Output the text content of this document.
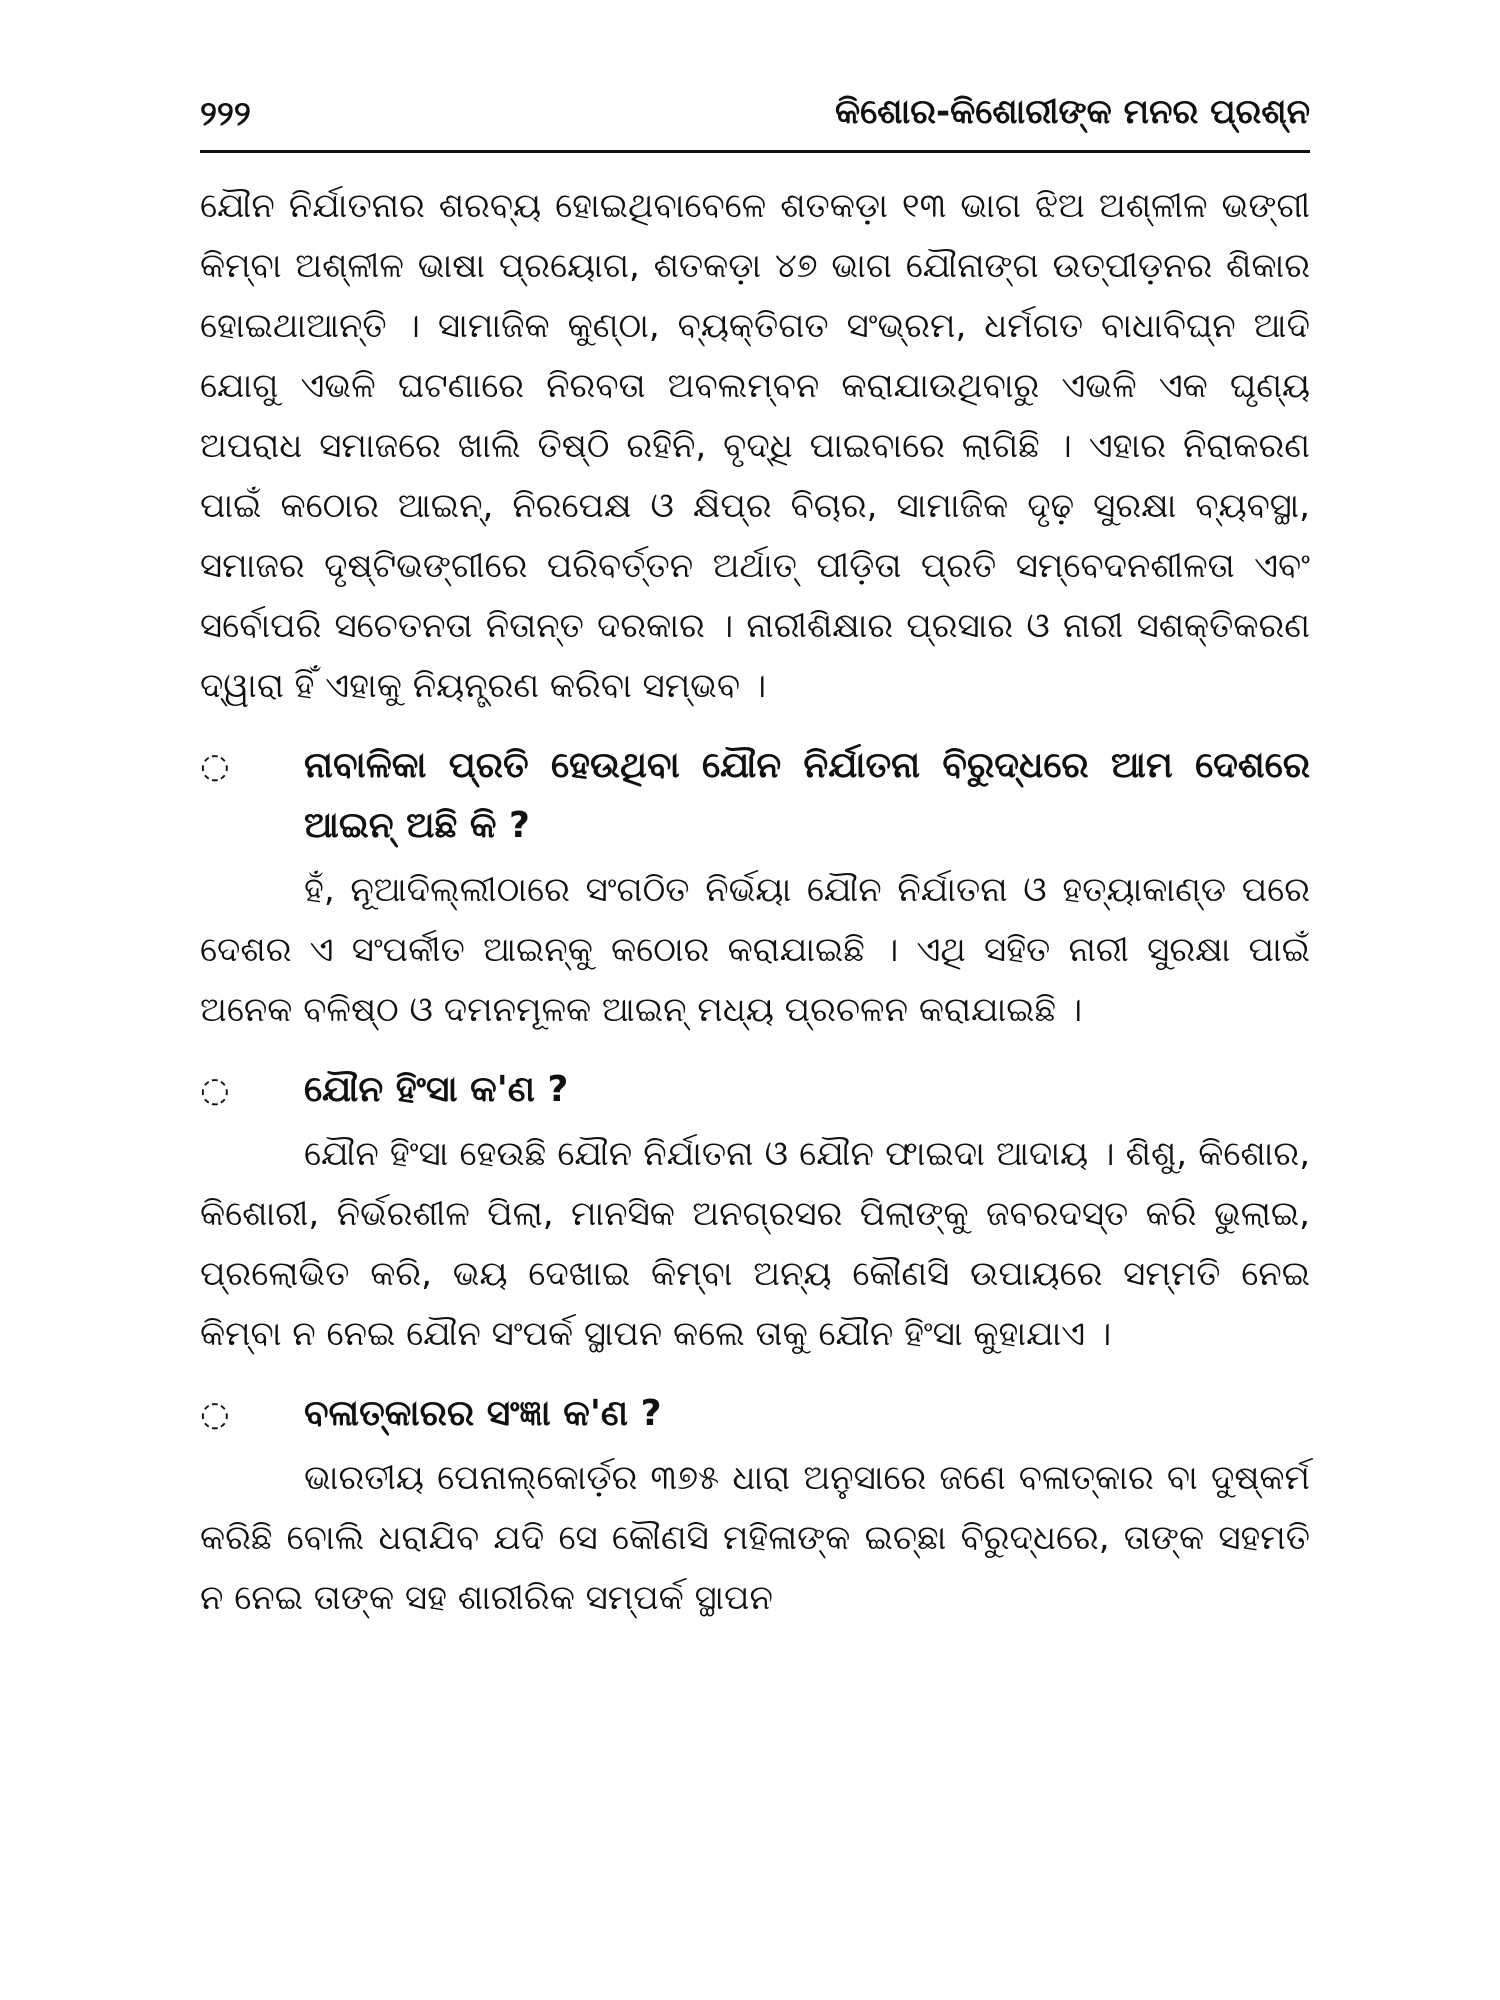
୨୨୨	କିଶୋର-କିଶୋରୀଙ୍କ ମନର ପ୍ରଶ୍ନ

ଯୌନ ନିର୍ଯାତନାର ଶରବ୍ୟ ହୋଇଥିବାବେଳେ ଶତକଡ଼ା ୧୩ ଭାଗ ଝିଅ ଅଶ୍ଳୀଳ ଭଙ୍ଗୀ କିମ୍ବା ଅଶ୍ଳୀଳ ଭାଷା ପ୍ରୟୋଗ, ଶତକଡ଼ା ୪୭ ଭାଗ ଯୌନାଙ୍ଗ ଉତ୍ପୀଡ଼ନର ଶିକାର ହୋଇଥାଆନ୍ତି । ସାମାଜିକ କୁଣ୍ଠା, ବ୍ୟକ୍ତିଗତ ସଂଭ୍ରମ, ଧର୍ମଗତ ବାଧାବିଘ୍ନ ଆଦି ଯୋଗୁ ଏଭଳି ଘଟଣାରେ ନିରବତା ଅବଲମ୍ବନ କରାଯାଉଥିବାରୁ ଏଭଳି ଏକ ଘୃଣ୍ୟ ଅପରାଧ ସମାଜରେ ଖାଲି ତିଷ୍ଠି ରହିନି, ବୃଦ୍ଧି ପାଇବାରେ ଲାଗିଛି । ଏହାର ନିରାକରଣ ପାଇଁ କଠୋର ଆଇନ୍, ନିରପେକ୍ଷ ଓ କ୍ଷିପ୍ର ବିଚାର, ସାମାଜିକ ଦୃଢ଼ ସୁରକ୍ଷା ବ୍ୟବସ୍ଥା, ସମାଜର ଦୃଷ୍ଟିଭଙ୍ଗୀରେ ପରିବର୍ତ୍ତନ ଅର୍ଥାତ୍ ପୀଡ଼ିତା ପ୍ରତି ସମ୍ବେଦନଶୀଳତା ଏବଂ ସର୍ବୋପରି ସଚେତନତା ନିତାନ୍ତ ଦରକାର । ନାରୀଶିକ୍ଷାର ପ୍ରସାର ଓ ନାରୀ ସଶକ୍ତିକରଣ ଦ୍ୱାରା ହିଁ ଏହାକୁ ନିୟନ୍ତ୍ରଣ କରିବା ସମ୍ଭବ ।

◌	ନାବାଳିକା ପ୍ରତି ହେଉଥିବା ଯୌନ ନିର୍ଯାତନା ବିରୁଦ୍ଧରେ ଆମ ଦେଶରେ ଆଇନ୍ ଅଛି କି ?

ହଁ, ନୂଆଦିଲ୍ଲୀଠାରେ ସଂଗଠିତ ନିର୍ଭୟା ଯୌନ ନିର୍ଯାତନା ଓ ହତ୍ୟାକାଣ୍ଡ ପରେ ଦେଶର ଏ ସଂପର୍କୀତ ଆଇନ୍‌କୁ କଠୋର କରାଯାଇଛି । ଏଥି ସହିତ ନାରୀ ସୁରକ୍ଷା ପାଇଁ ଅନେକ ବଳିଷ୍ଠ ଓ ଦମନମୂଳକ ଆଇନ୍ ମଧ୍ୟ ପ୍ରଚଳନ କରାଯାଇଛି ।

◌	ଯୌନ ହିଂସା କ'ଣ ?

ଯୌନ ହିଂସା ହେଉଛି ଯୌନ ନିର୍ଯାତନା ଓ ଯୌନ ଫାଇଦା ଆଦାୟ । ଶିଶୁ, କିଶୋର, କିଶୋରୀ, ନିର୍ଭରଶୀଳ ପିଲା, ମାନସିକ ଅନଗ୍ରସର ପିଲାଙ୍କୁ ଜବରଦସ୍ତ କରି ଭୁଲାଇ, ପ୍ରଲୋଭିତ କରି, ଭୟ ଦେଖାଇ କିମ୍ବା ଅନ୍ୟ କୌଣସି ଉପାୟରେ ସମ୍ମତି ନେଇ କିମ୍ବା ନ ନେଇ ଯୌନ ସଂପର୍କ ସ୍ଥାପନ କଲେ ତାକୁ ଯୌନ ହିଂସା କୁହାଯାଏ ।

◌	ବଳାତ୍କାରର ସଂଜ୍ଞା କ'ଣ ?

ଭାରତୀୟ ପେନାଲ୍‌କୋର୍ଡ଼ର ୩୭୫ ଧାରା ଅନୁସାରେ ଜଣେ ବଳାତ୍କାର ବା ଦୁଷ୍କର୍ମ କରିଛି ବୋଲି ଧରାଯିବ ଯଦି ସେ କୌଣସି ମହିଳାଙ୍କ ଇଚ୍ଛା ବିରୁଦ୍ଧରେ, ତାଙ୍କ ସହମତି ନ ନେଇ ତାଙ୍କ ସହ ଶାରୀରିକ ସମ୍ପର୍କ ସ୍ଥାପନ
